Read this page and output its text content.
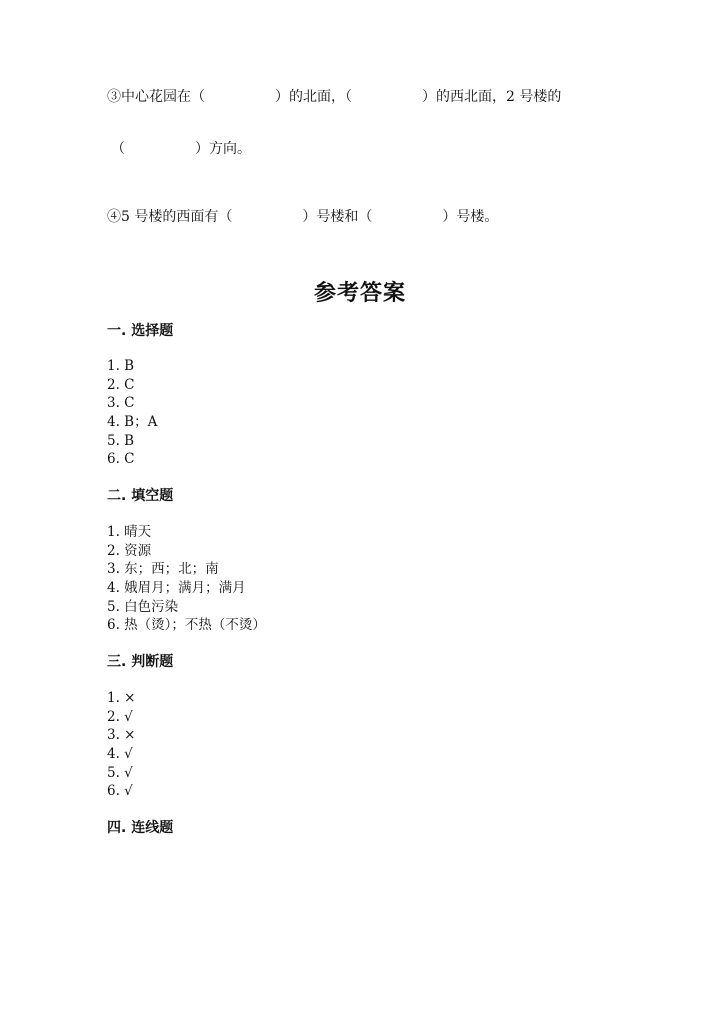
③中心花园在（　　　　　）的北面，（　　　　　）的西北面，2 号楼的
（　　　　　）方向。
④5 号楼的西面有（　　　　　）号楼和（　　　　　）号楼。
参考答案
一. 选择题
1. B
2. C
3. C
4. B；A
5. B
6. C
二. 填空题
1. 晴天
2. 资源
3. 东；西；北；南
4. 娥眉月；满月；满月
5. 白色污染
6. 热（烫）；不热（不烫）
三. 判断题
1. ×
2. √
3. ×
4. √
5. √
6. √
四. 连线题
